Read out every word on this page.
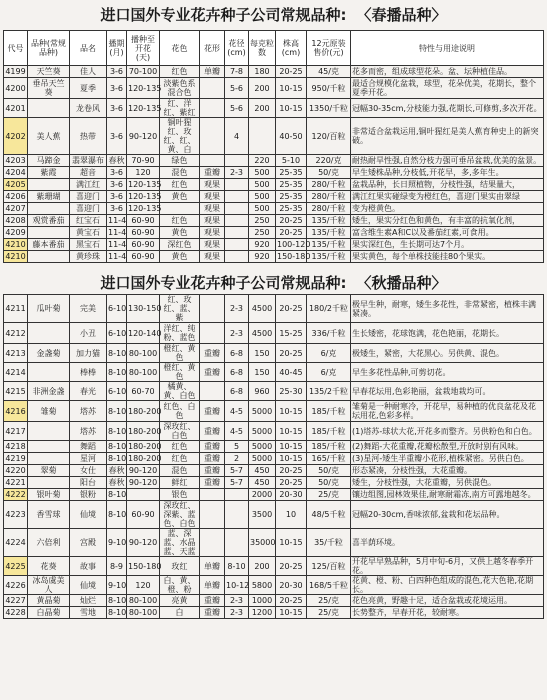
进口国外专业花卉种子公司常规品种: 〈春播品种〉
代号	品种(常规品种)	品名	播期(月)	播种至开花(天)	花色	花形	花径(cm)	每克粒数	株高(cm)	12元原装售价(元)	特性与用途说明
4199	天竺葵	佳人	3-6	70-100	红色	单瓣	7-8	180	20-25	45/克	花多而密，组成球型花朵。盆、坛种植佳品。
4200	垂吊天竺葵	夏季	3-6	120-135	淡紫色系混合色		5-6	200	10-15	950/千粒	最适合规模化盆栽，球型，花朵优美，花期长，整个夏季开花。
4201		龙卷风	3-6	120-135	红、洋红、紫红		5-6	200	10-15	1350/千粒	冠幅30-35cm,分枝能力强,花期长,可修剪,多次开花。
4202	美人蕉	热带	3-6	90-120	铜叶猩红、玫红、红、黄、白		4		40-50	120/百粒	非常适合盆栽运用,铜叶猩红是美人蕉育种史上的新突破。
4203	马蹄金	翡翠瀑布	春秋	70-90	绿色			220	5-10	220/克	耐热耐旱性强,自然分枝力强可垂吊盆栽,优美的盆景。
4204	紫霞	超音	3-6	120	混色	重瓣	2-3	500	25-35	50/克	早生矮株品种,分枝低,开花早，多,多年生。
4205		满江红	3-6	120-135	红色	观果		500	25-35	280/千粒	盆栽品种，长日照植物，分枝性强，结果量大，
4206	紫珊瑚	喜迎门	3-6	120-135	黄色	观果		500	25-35	280/千粒	满江红果实碰绿变为橙红色，喜迎门果实由翠绿
4207		喜迎门	3-6	120-135		观果		500	25-35	280/千粒	变为橙黄色。
4208	观赏番茄	红宝石	11-4	60-90	红色	观果		250	20-25	135/千粒	矮生，果实分红色和黄色，有丰富的抗氧化剂，
4209		黄宝石	11-4	60-90	黄色	观果		250	20-25	135/千粒	富含维生素A和C以及番茄红素,可食用。
4210	藤本番茄	黑宝石	11-4	60-90	深红色	观果		920	100-120	135/千粒	果实深红色，生长期可达7个月。
4210		黄珍珠	11-4	60-90	黄色	观果		920	150-180	135/千粒	果实黄色，每个单株技能挂80个果实。
进口国外专业花卉种子公司常规品种: 〈秋播品种〉
4211	瓜叶菊	完美	6-10	130-150	红、玫红、蓝、紫		2-3	4500	20-25	180/2千粒	极早生种，耐寒，矮生多花性，非常紧密，植株丰满紧凑。
4212		小丑	6-10	120-140	洋红、纯粉、蓝色		2-3	4500	15-25	336/千粒	生长矮密，花球饱满，花色艳丽，花期长。
4213	金盏菊	加力猫	8-10	80-100	橙红、黄色	重瓣	6-8	150	20-25	6/克	极矮生，紧密，大花黑心。另供黄、混色。
4214		棒棒	8-10	80-100	橙红、黄色	重瓣	6-8	150	40-45	6/克	早生多花性品种,可剪切花。
4215	非洲金盏	春光	6-10	60-70	橘黄、黄、白色		6-8	960	25-30	135/2千粒	早春花坛用,色彩艳丽，盆栽地栽均可。
4216	雏菊	塔苏	8-10	180-200	红色、白色	重瓣	4-5	5000	10-15	185/千粒	雏菊是一种耐寒冷，开花早，易种植的优良盆花及花坛用花,色彩多样。
4217		塔苏	8-10	180-200	深玫红、白色	重瓣	4-5	5000	10-15	185/千粒	(1)塔苏-球状大花,开花多而整齐。另供粉色和白色。
4218		舞蹈	8-10	180-200	红色	重瓣	5	5000	10-15	185/千粒	(2)舞蹈-大花重瓣,花瓣松散型,开放时别有风味。
4219		星河	8-10	180-200	红色	重瓣	2	5000	10-15	165/千粒	(3)星河-矮生半重瓣小花形,植株紧密。另供白色。
4220	翠菊	女仕	春秋	90-120	混色	重瓣	5-7	450	20-25	50/克	形态紧凑，分枝性强，大花重瓣。
4221		阳台	春秋	90-120	鲜红	重瓣	5-7	450	20-25	50/克	矮生，分枝性强，大花重瓣，另供混色。
4222	银叶菊	银粉	8-10		银色			2000	20-30	25/克	镶边组图,园林效果佳,耐寒耐霜冻,南方可露地越冬。
4223	香雪球	仙境	8-10	60-90	深玫红、深紫、蓝色、白色			3500	10	48/5千粒	冠幅20-30cm,香味浓郁,盆栽和花坛品种。
4224	六倍利	宫殿	9-10	90-120	蓝、深蓝、水晶蓝、天蓝			35000	10-15	35/千粒	喜半荫环境。
4225	花葵	故事	8-9	150-180	玫红	单瓣	8-10	200	20-25	125/百粒	开花早早熟品种，5月中旬-6月，又供上越冬春季开花。
4226	冰岛虞美人	仙境	9-10	120	白、黄、橙、粉	单瓣	10-12	5800	20-30	168/5千粒	花黄、橙、粉、白四种色组成的混色,花大色艳,花期长。
4227	黄晶菊	灿烂	8-10	80-100	亮黄	重瓣	2-3	1000	20-25	25/克	花色亮黄，野趣十足，适合盆栽或花境运用。
4228	白晶菊	雪地	8-10	80-100	白	重瓣	2-3	1200	10-15	25/克	长势整齐，早春开花，较耐寒。
